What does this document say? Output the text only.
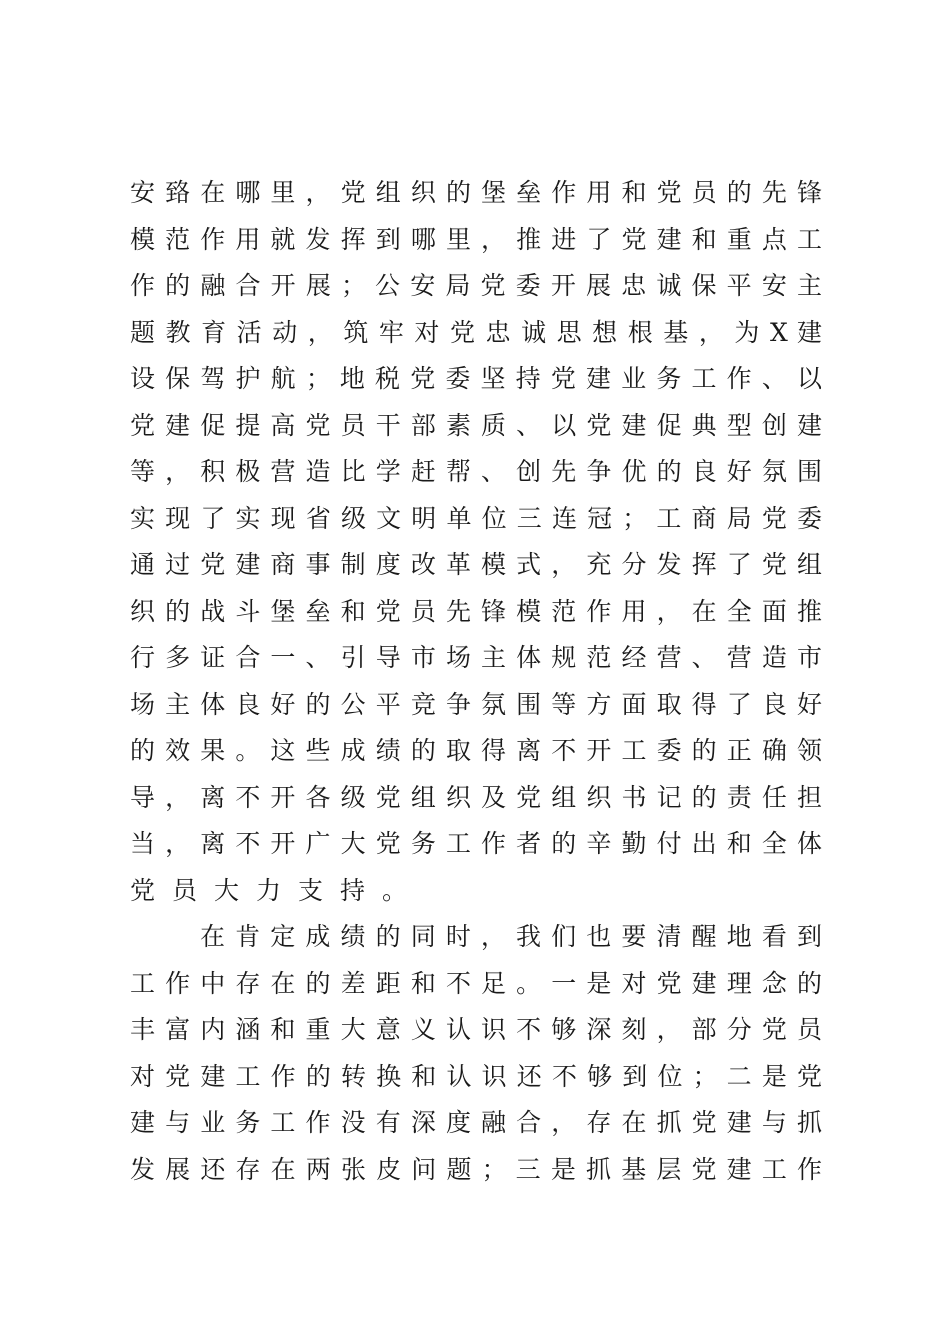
安 臵 在 哪 里 ， 党 组 织 的 堡 垒 作 用 和 党 员 的 先 锋
模 范 作 用 就 发 挥 到 哪 里 ， 推 进 了 党 建 和 重 点 工
作 的 融 合 开 展 ； 公 安 局 党 委 开 展 忠 诚 保 平 安 主
题 教 育 活 动 ， 筑 牢 对 党 忠 诚 思 想 根 基 ， 为 X 建
设 保 驾 护 航 ； 地 税 党 委 坚 持 党 建 业 务 工 作 、 以
党 建 促 提 高 党 员 干 部 素 质 、 以 党 建 促 典 型 创 建
等 ， 积 极 营 造 比 学 赶 帮 、 创 先 争 优 的 良 好 氛 围
实 现 了 实 现 省 级 文 明 单 位 三 连 冠 ； 工 商 局 党 委
通 过 党 建 商 事 制 度 改 革 模 式 ， 充 分 发 挥 了 党 组
织 的 战 斗 堡 垒 和 党 员 先 锋 模 范 作 用 ， 在 全 面 推
行 多 证 合 一 、 引 导 市 场 主 体 规 范 经 营 、 营 造 市
场 主 体 良 好 的 公 平 竞 争 氛 围 等 方 面 取 得 了 良 好
的 效 果 。 这 些 成 绩 的 取 得 离 不 开 工 委 的 正 确 领
导 ， 离 不 开 各 级 党 组 织 及 党 组 织 书 记 的 责 任 担
当 ， 离 不 开 广 大 党 务 工 作 者 的 辛 勤 付 出 和 全 体
党员大力支持。
在 肯 定 成 绩 的 同 时 ， 我 们 也 要 清 醒 地 看 到
工 作 中 存 在 的 差 距 和 不 足 。 一 是 对 党 建 理 念 的
丰 富 内 涵 和 重 大 意 义 认 识 不 够 深 刻 ， 部 分 党 员
对 党 建 工 作 的 转 换 和 认 识 还 不 够 到 位 ； 二 是 党
建 与 业 务 工 作 没 有 深 度 融 合 ， 存 在 抓 党 建 与 抓
发 展 还 存 在 两 张 皮 问 题 ； 三 是 抓 基 层 党 建 工 作
